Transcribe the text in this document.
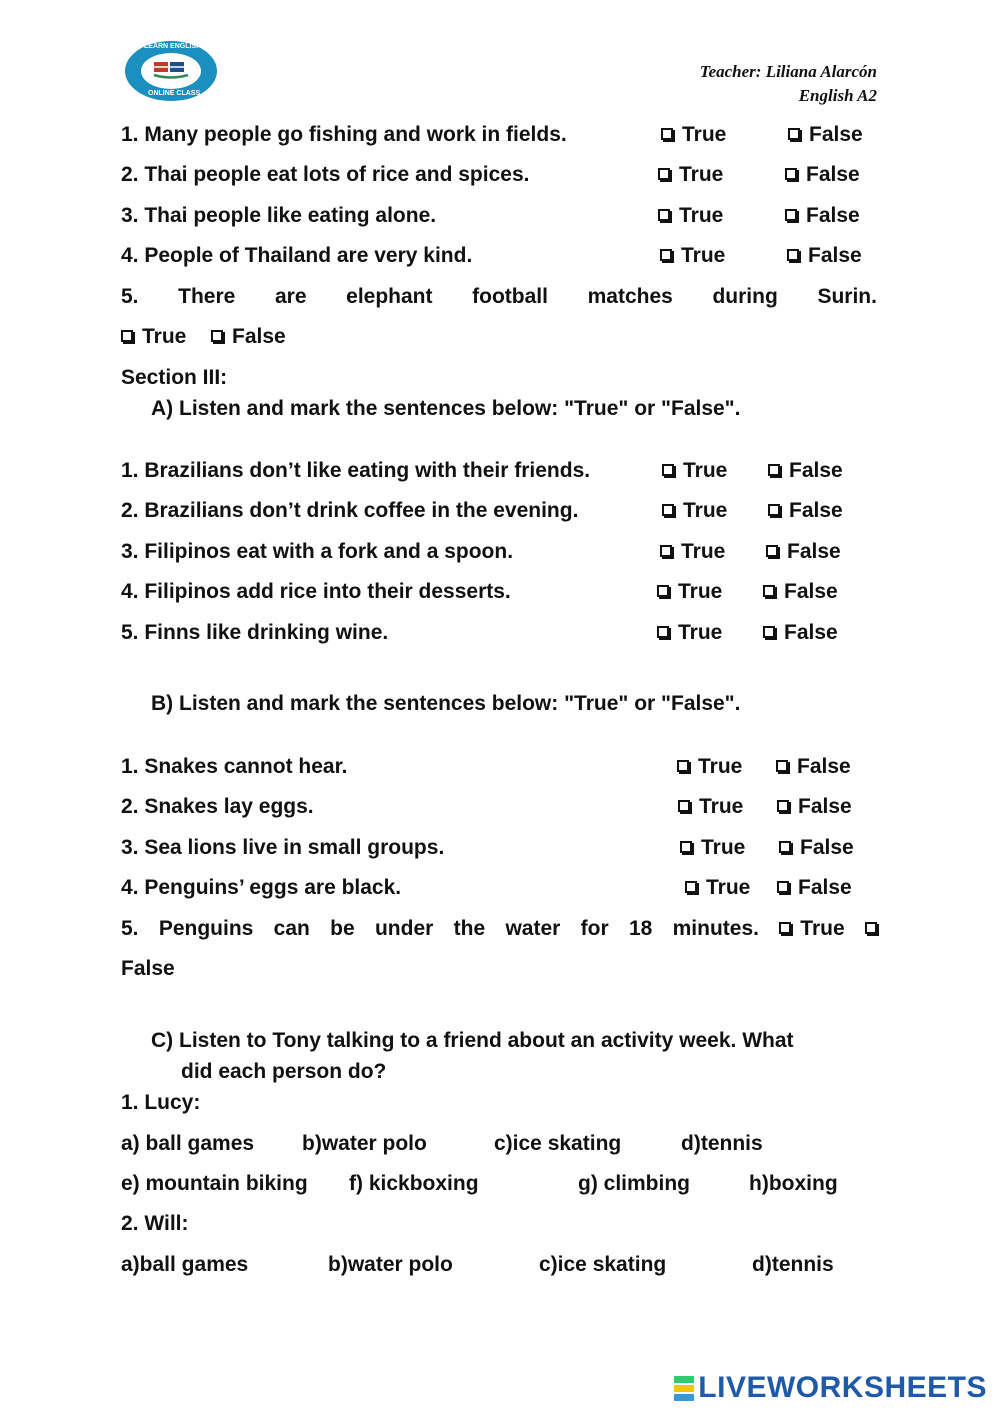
LEARN ENGLISH
ONLINE CLASS
Teacher: Liliana Alarcón
English A2
1. Many people go fishing and work in fields.	True	False
2. Thai people eat lots of rice and spices.	True	False
3. Thai people like eating alone.	True	False
4. People of Thailand are very kind.	True	False
5. There are elephant football matches during Surin.
True False
Section III:
A) Listen and mark the sentences below: "True" or "False".
1. Brazilians don’t like eating with their friends.	True	False
2. Brazilians don’t drink coffee in the evening.	True	False
3. Filipinos eat with a fork and a spoon.	True	False
4. Filipinos add rice into their desserts.	True	False
5. Finns like drinking wine.	True	False
B) Listen and mark the sentences below: "True" or "False".
1. Snakes cannot hear.	True	False
2. Snakes lay eggs.	True	False
3. Sea lions live in small groups.	True	False
4. Penguins’ eggs are black.	True False
5. Penguins can be under the water for 18 minutes. True

False
C) Listen to Tony talking to a friend about an activity week. What
did each person do?
1. Lucy:
a) ball games b)water polo	c)ice skating	d)tennis
e) mountain biking f) kickboxing	g) climbing	h)boxing
2. Will:
a)ball games	b)water polo	c)ice skating	d)tennis
LIVEWORKSHEETS
